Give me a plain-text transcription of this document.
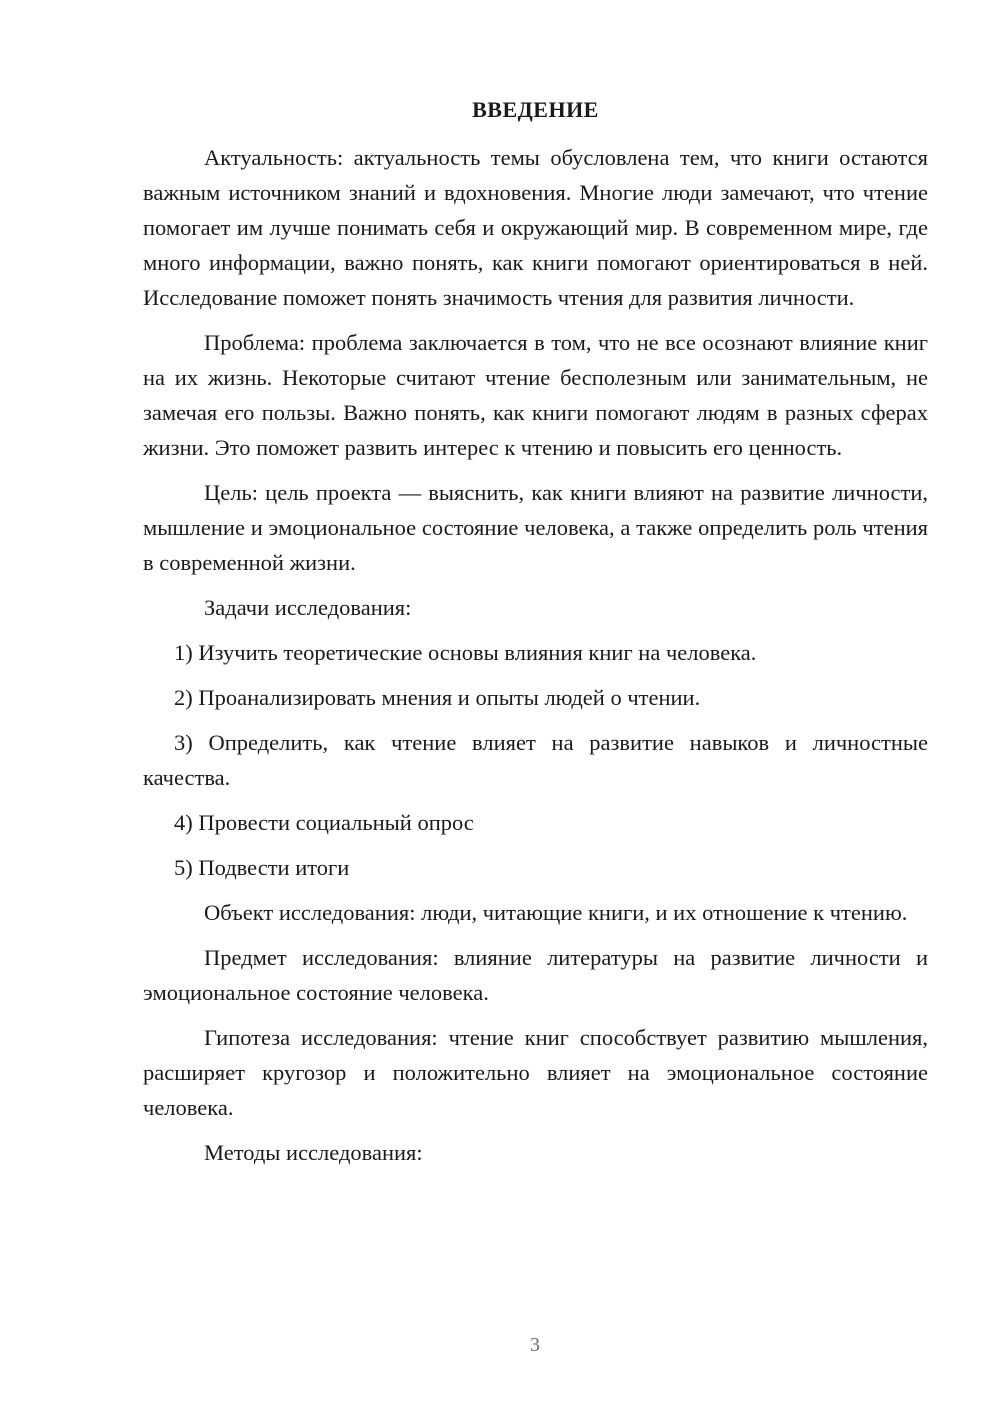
ВВЕДЕНИЕ

Актуальность: актуальность темы обусловлена тем, что книги остаются важным источником знаний и вдохновения. Многие люди замечают, что чтение помогает им лучше понимать себя и окружающий мир. В современном мире, где много информации, важно понять, как книги помогают ориентироваться в ней. Исследование поможет понять значимость чтения для развития личности.

Проблема: проблема заключается в том, что не все осознают влияние книг на их жизнь. Некоторые считают чтение бесполезным или занимательным, не замечая его пользы. Важно понять, как книги помогают людям в разных сферах жизни. Это поможет развить интерес к чтению и повысить его ценность.

Цель: цель проекта — выяснить, как книги влияют на развитие личности, мышление и эмоциональное состояние человека, а также определить роль чтения в современной жизни.

Задачи исследования:

1) Изучить теоретические основы влияния книг на человека.

2) Проанализировать мнения и опыты людей о чтении.

3) Определить, как чтение влияет на развитие навыков и личностные качества.

4) Провести социальный опрос

5) Подвести итоги

Объект исследования: люди, читающие книги, и их отношение к чтению.

Предмет исследования: влияние литературы на развитие личности и эмоциональное состояние человека.

Гипотеза исследования: чтение книг способствует развитию мышления, расширяет кругозор и положительно влияет на эмоциональное состояние человека.

Методы исследования:

3
